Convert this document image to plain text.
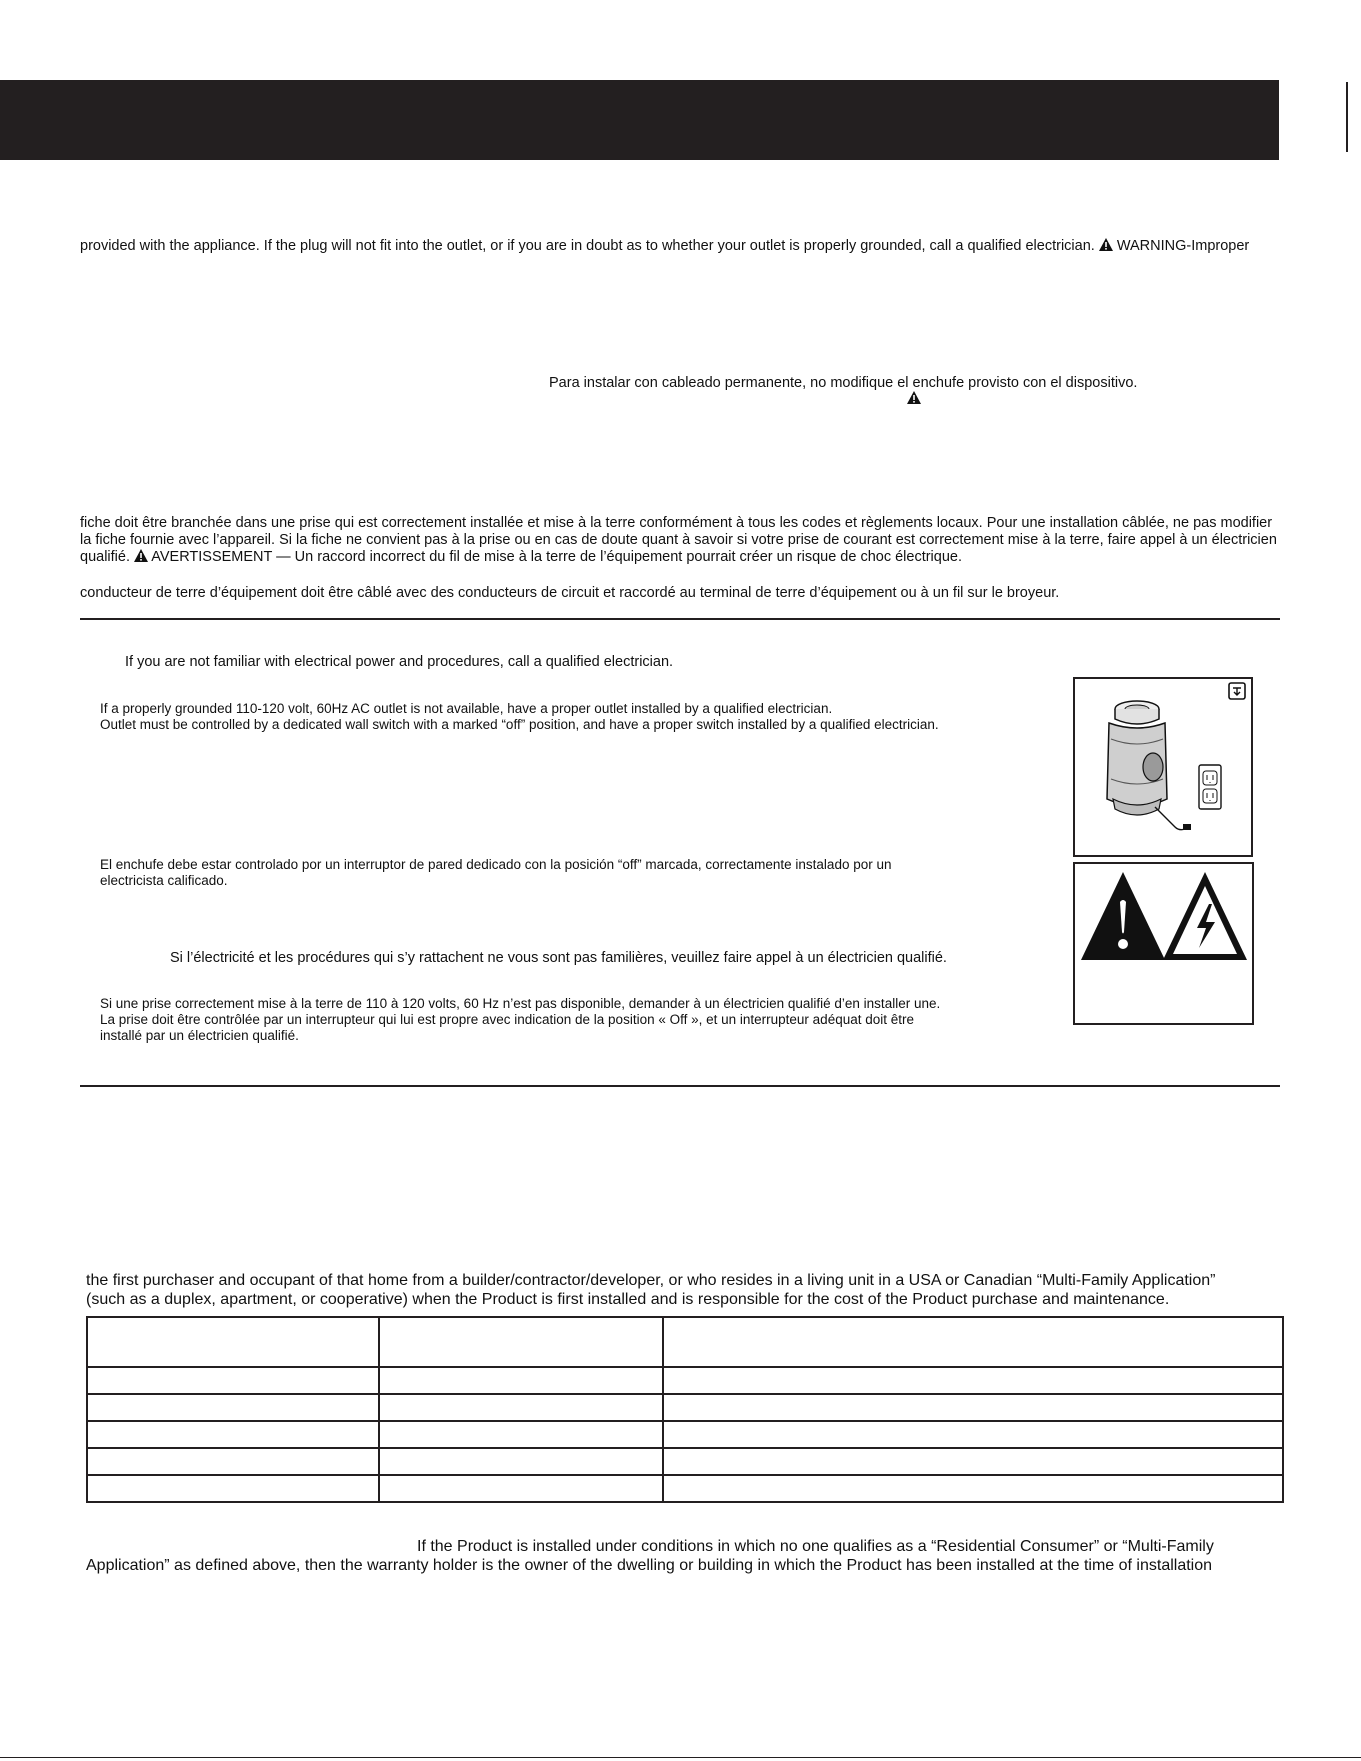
provided with the appliance. If the plug will not fit into the outlet, or if you are in doubt as to whether your outlet is properly grounded, call a qualified electrician. WARNING-Improper
Para instalar con cableado permanente, no modifique el enchufe provisto con el dispositivo.
fiche doit être branchée dans une prise qui est correctement installée et mise à la terre conformément à tous les codes et règlements locaux. Pour une installation câblée, ne pas modifier
la fiche fournie avec l’appareil. Si la fiche ne convient pas à la prise ou en cas de doute quant à savoir si votre prise de courant est correctement mise à la terre, faire appel à un électricien
qualifié. AVERTISSEMENT — Un raccord incorrect du fil de mise à la terre de l’équipement pourrait créer un risque de choc électrique.
conducteur de terre d’équipement doit être câblé avec des conducteurs de circuit et raccordé au terminal de terre d’équipement ou à un fil sur le broyeur.
If you are not familiar with electrical power and procedures, call a qualified electrician.
If a properly grounded 110-120 volt, 60Hz AC outlet is not available, have a proper outlet installed by a qualified electrician.
Outlet must be controlled by a dedicated wall switch with a marked “off” position, and have a proper switch installed by a qualified electrician.
El enchufe debe estar controlado por un interruptor de pared dedicado con la posición “off” marcada, correctamente instalado por un
electricista calificado.
Si l’électricité et les procédures qui s’y rattachent ne vous sont pas familières, veuillez faire appel à un électricien qualifié.
Si une prise correctement mise à la terre de 110 à 120 volts, 60 Hz n’est pas disponible, demander à un électricien qualifié d’en installer une.
La prise doit être contrôlée par un interrupteur qui lui est propre avec indication de la position « Off », et un interrupteur adéquat doit être
installé par un électricien qualifié.
the first purchaser and occupant of that home from a builder/contractor/developer, or who resides in a living unit in a USA or Canadian “Multi-Family Application”
(such as a duplex, apartment, or cooperative) when the Product is first installed and is responsible for the cost of the Product purchase and maintenance.

If the Product is installed under conditions in which no one qualifies as a “Residential Consumer” or “Multi-Family
Application” as defined above, then the warranty holder is the owner of the dwelling or building in which the Product has been installed at the time of installation
